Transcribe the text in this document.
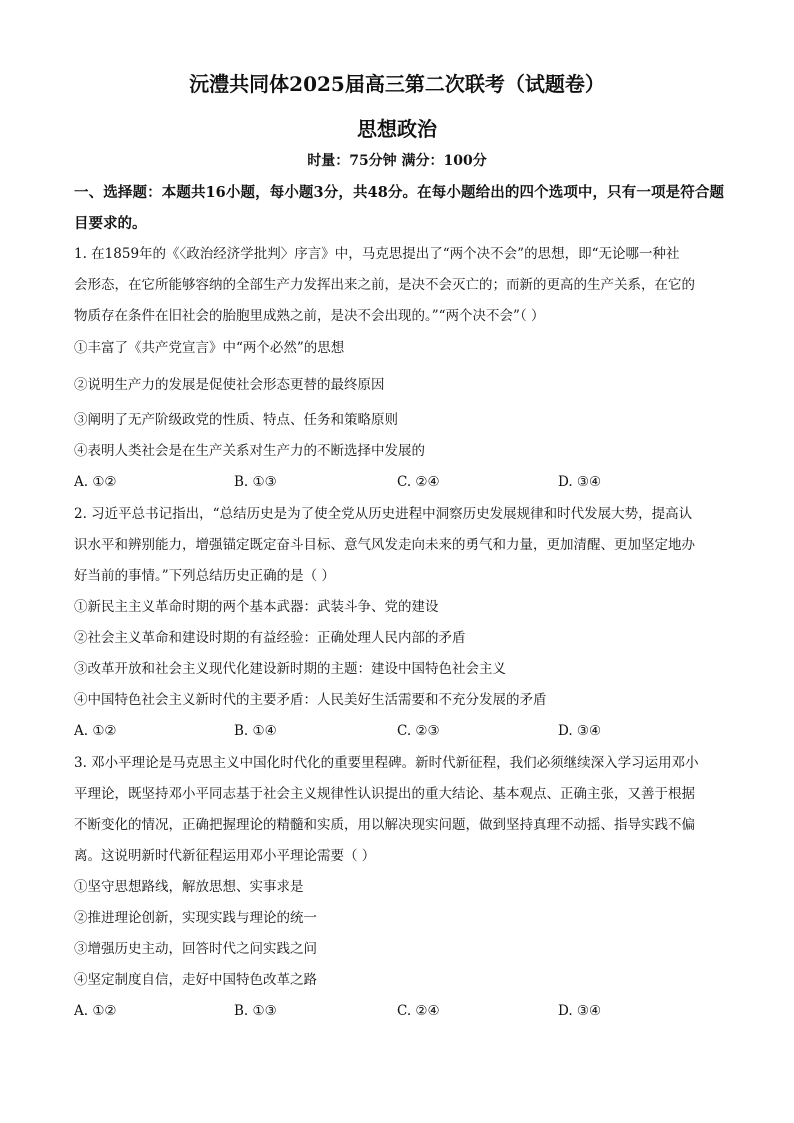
沅澧共同体2025届高三第二次联考（试题卷）
思想政治
时量：75分钟 满分：100分
一、选择题：本题共16小题，每小题3分，共48分。在每小题给出的四个选项中，只有一项是符合题目要求的。
1. 在1859年的《〈政治经济学批判〉序言》中，马克思提出了“两个决不会”的思想，即“无论哪一种社
会形态，在它所能够容纳的全部生产力发挥出来之前，是决不会灭亡的；而新的更高的生产关系，在它的
物质存在条件在旧社会的胎胞里成熟之前，是决不会出现的。”“两个决不会”（ ）
①丰富了《共产党宣言》中“两个必然”的思想
②说明生产力的发展是促使社会形态更替的最终原因
③阐明了无产阶级政党的性质、特点、任务和策略原则
④表明人类社会是在生产关系对生产力的不断选择中发展的
A. ①②	B. ①③	C. ②④	D. ③④
2. 习近平总书记指出，“总结历史是为了使全党从历史进程中洞察历史发展规律和时代发展大势，提高认
识水平和辨别能力，增强锚定既定奋斗目标、意气风发走向未来的勇气和力量，更加清醒、更加坚定地办
好当前的事情。”下列总结历史正确的是（ ）
①新民主主义革命时期的两个基本武器：武装斗争、党的建设
②社会主义革命和建设时期的有益经验：正确处理人民内部的矛盾
③改革开放和社会主义现代化建设新时期的主题：建设中国特色社会主义
④中国特色社会主义新时代的主要矛盾：人民美好生活需要和不充分发展的矛盾
A. ①②	B. ①④	C. ②③	D. ③④
3. 邓小平理论是马克思主义中国化时代化的重要里程碑。新时代新征程，我们必须继续深入学习运用邓小
平理论，既坚持邓小平同志基于社会主义规律性认识提出的重大结论、基本观点、正确主张，又善于根据
不断变化的情况，正确把握理论的精髓和实质，用以解决现实问题，做到坚持真理不动摇、指导实践不偏
离。这说明新时代新征程运用邓小平理论需要（ ）
①坚守思想路线，解放思想、实事求是
②推进理论创新，实现实践与理论的统一
③增强历史主动，回答时代之问实践之问
④坚定制度自信，走好中国特色改革之路
A. ①②	B. ①③	C. ②④	D. ③④
